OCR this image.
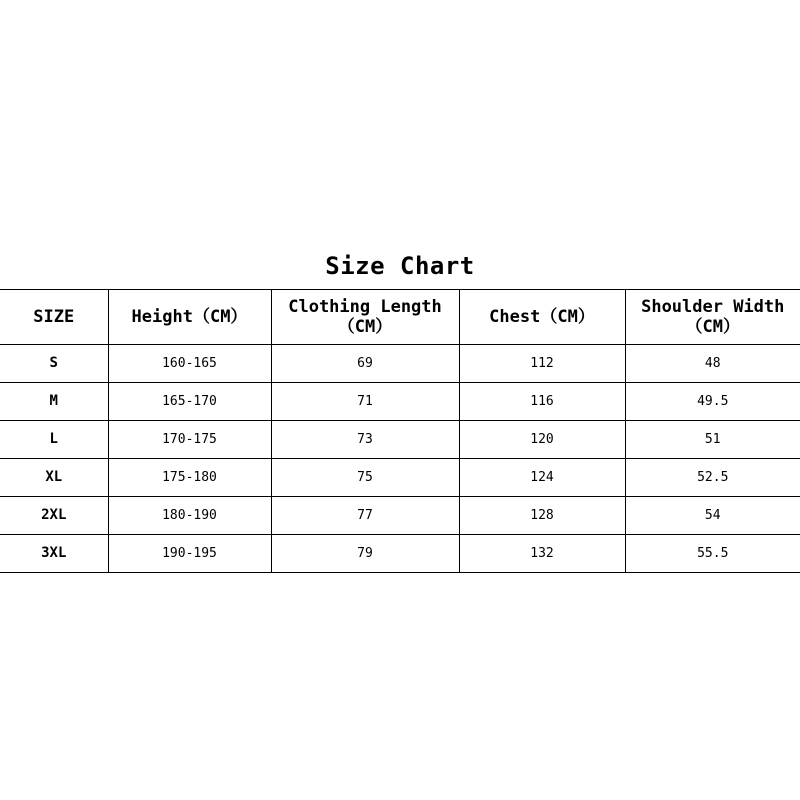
Size Chart
SIZE	Height（CM）	Clothing Length（CM）	Chest（CM）	Shoulder Width（CM）
S	160-165	69	112	48
M	165-170	71	116	49.5
L	170-175	73	120	51
XL	175-180	75	124	52.5
2XL	180-190	77	128	54
3XL	190-195	79	132	55.5
